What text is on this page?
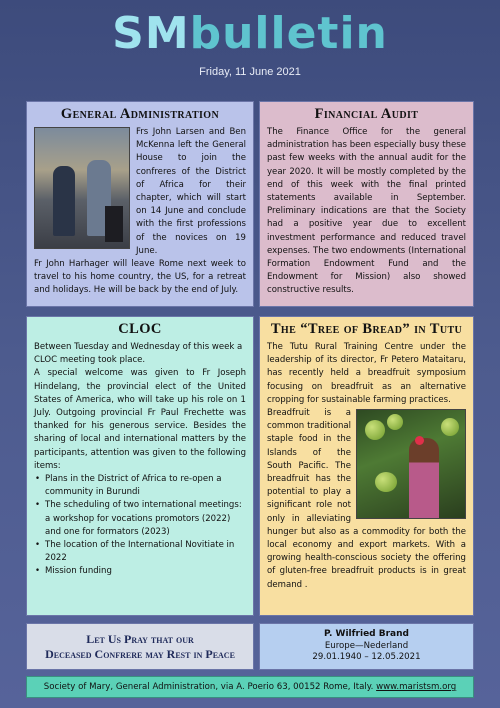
SMbulletin
Friday, 11 June 2021
General Administration

Frs John Larsen and Ben McKenna left the General House to join the confreres of the District of Africa for their chapter, which will start on 14 June and conclude with the first professions of the novices on 19 June.

Fr John Harhager will leave Rome next week to travel to his home country, the US, for a retreat and holidays. He will be back by the end of July.

Financial Audit

The Finance Office for the general administration has been especially busy these past few weeks with the annual audit for the year 2020. It will be mostly completed by the end of this week with the final printed statements available in September. Preliminary indications are that the Society had a positive year due to excellent investment performance and reduced travel expenses. The two endowments (International Formation Endowment Fund and the Endowment for Mission) also showed constructive results.

CLOC

Between Tuesday and Wednesday of this week a CLOC meeting took place.

A special welcome was given to Fr Joseph Hindelang, the provincial elect of the United States of America, who will take up his role on 1 July. Outgoing provincial Fr Paul Frechette was thanked for his generous service. Besides the sharing of local and international matters by the participants, attention was given to the following items:

• Plans in the District of Africa to re-open a community in Burundi
• The scheduling of two international meetings: a workshop for vocations promotors (2022) and one for formators (2023)
• The location of the International Novitiate in 2022
• Mission funding
The “Tree of Bread” in Tutu

The Tutu Rural Training Centre under the leadership of its director, Fr Petero Mataitaru, has recently held a breadfruit symposium focusing on breadfruit as an alternative cropping for sustainable farming practices.

Breadfruit is a common traditional staple food in the Islands of the South Pacific. The breadfruit has the potential to play a significant role not only in alleviating hunger but also as a commodity for both the local economy and export markets. With a growing health-conscious society the offering of gluten-free breadfruit products is in great demand .

Let Us Pray that our
Deceased Confrere may Rest in Peace
P. Wilfried Brand
Europe—Nederland
29.01.1940 – 12.05.2021
Society of Mary, General Administration, via A. Poerio 63, 00152 Rome, Italy. www.maristsm.org
